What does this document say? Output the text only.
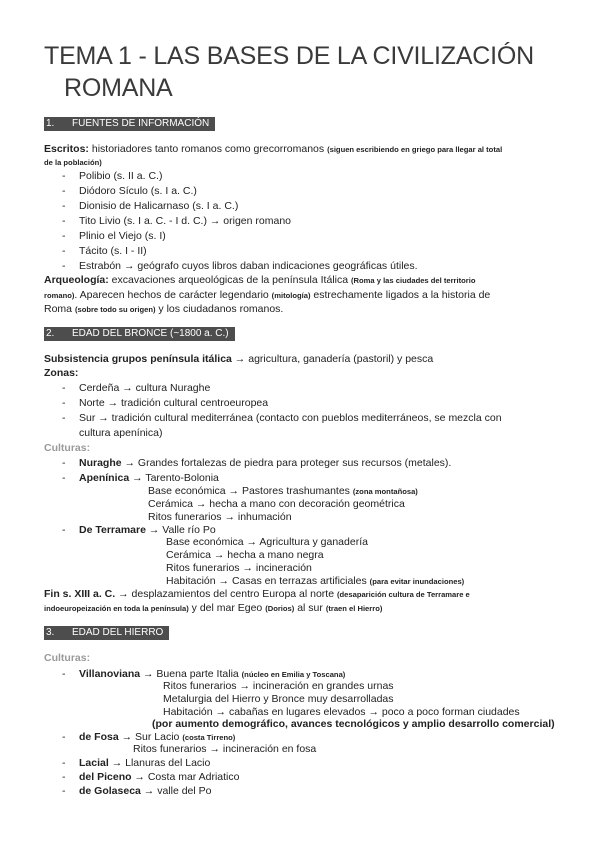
TEMA 1 - LAS BASES DE LA CIVILIZACIÓN
ROMANA
1. FUENTES DE INFORMACIÓN
Escritos: historiadores tanto romanos como grecorromanos (siguen escribiendo en griego para llegar al total
de la población)
- Polibio (s. II a. C.)
- Diódoro Sículo (s. I a. C.)
- Dionisio de Halicarnaso (s. I a. C.)
- Tito Livio (s. I a. C. - I d. C.) → origen romano
- Plinio el Viejo (s. I)
- Tácito (s. I - II)
- Estrabón → geógrafo cuyos libros daban indicaciones geográficas útiles.
Arqueología: excavaciones arqueológicas de la península Itálica (Roma y las ciudades del territorio
romano). Aparecen hechos de carácter legendario (mitología) estrechamente ligados a la historia de
Roma (sobre todo su origen) y los ciudadanos romanos.
2. EDAD DEL BRONCE (~1800 a. C.)
Subsistencia grupos península itálica → agricultura, ganadería (pastoril) y pesca
Zonas:
- Cerdeña → cultura Nuraghe
- Norte → tradición cultural centroeuropea
- Sur → tradición cultural mediterránea (contacto con pueblos mediterráneos, se mezcla con
cultura apenínica)
Culturas:
- Nuraghe → Grandes fortalezas de piedra para proteger sus recursos (metales).
- Apenínica → Tarento-Bolonia
Base económica → Pastores trashumantes (zona montañosa)
Cerámica → hecha a mano con decoración geométrica
Ritos funerarios → inhumación
- De Terramare → Valle río Po
Base económica → Agricultura y ganadería
Cerámica → hecha a mano negra
Ritos funerarios → incineración
Habitación → Casas en terrazas artificiales (para evitar inundaciones)
Fin s. XIII a. C. → desplazamientos del centro Europa al norte (desaparición cultura de Terramare e
indoeuropeización en toda la península) y del mar Egeo (Dorios) al sur (traen el Hierro)
3. EDAD DEL HIERRO
Culturas:
- Villanoviana → Buena parte Italia (núcleo en Emilia y Toscana)
Ritos funerarios → incineración en grandes urnas
Metalurgia del Hierro y Bronce muy desarrolladas
Habitación → cabañas en lugares elevados → poco a poco forman ciudades
(por aumento demográfico, avances tecnológicos y amplio desarrollo comercial)
- de Fosa → Sur Lacio (costa Tirreno)
Ritos funerarios → incineración en fosa
- Lacial → Llanuras del Lacio
- del Piceno → Costa mar Adriatico
- de Golaseca → valle del Po
